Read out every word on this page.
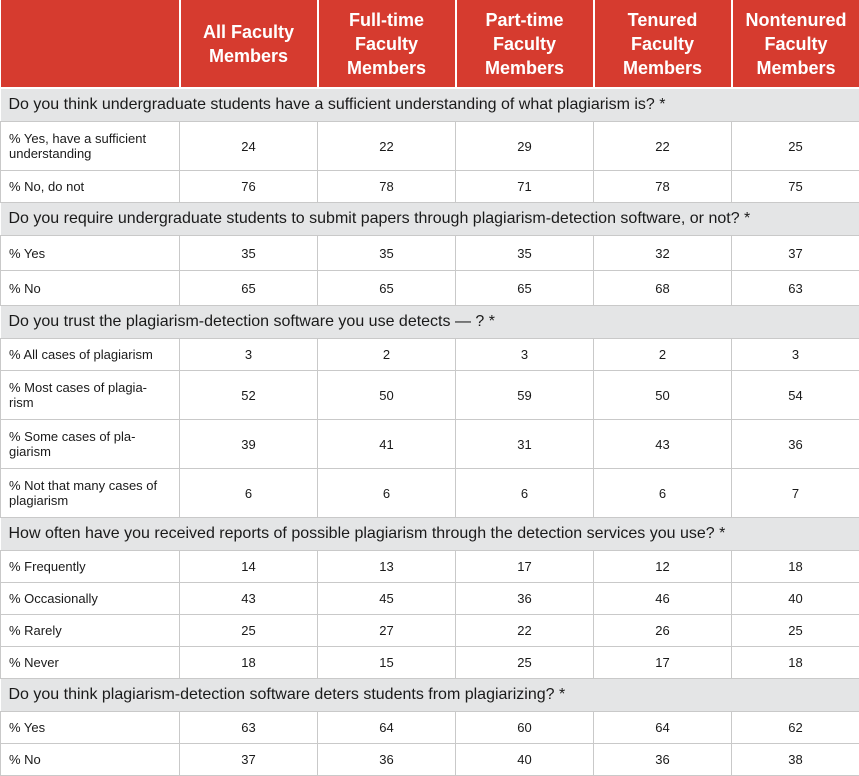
	All Faculty
Members	Full-time
Faculty
Members	Part-time
Faculty
Members	Tenured
Faculty
Members	Nontenured
Faculty
Members
Do you think undergraduate students have a sufficient understanding of what plagiarism is? *					
% Yes, have a sufficient
understanding	24	22	29	22	25
% No, do not	76	78	71	78	75
Do you require undergraduate students to submit papers through plagiarism-detection software, or not? *					
% Yes	35	35	35	32	37
% No	65	65	65	68	63
Do you trust the plagiarism-detection software you use detects — ? *					
% All cases of plagiarism	3	2	3	2	3
% Most cases of plagia-
rism	52	50	59	50	54
% Some cases of pla-
giarism	39	41	31	43	36
% Not that many cases of
plagiarism	6	6	6	6	7
How often have you received reports of possible plagiarism through the detection services you use? *					
% Frequently	14	13	17	12	18
% Occasionally	43	45	36	46	40
% Rarely	25	27	22	26	25
% Never	18	15	25	17	18
Do you think plagiarism-detection software deters students from plagiarizing? *					
% Yes	63	64	60	64	62
% No	37	36	40	36	38
